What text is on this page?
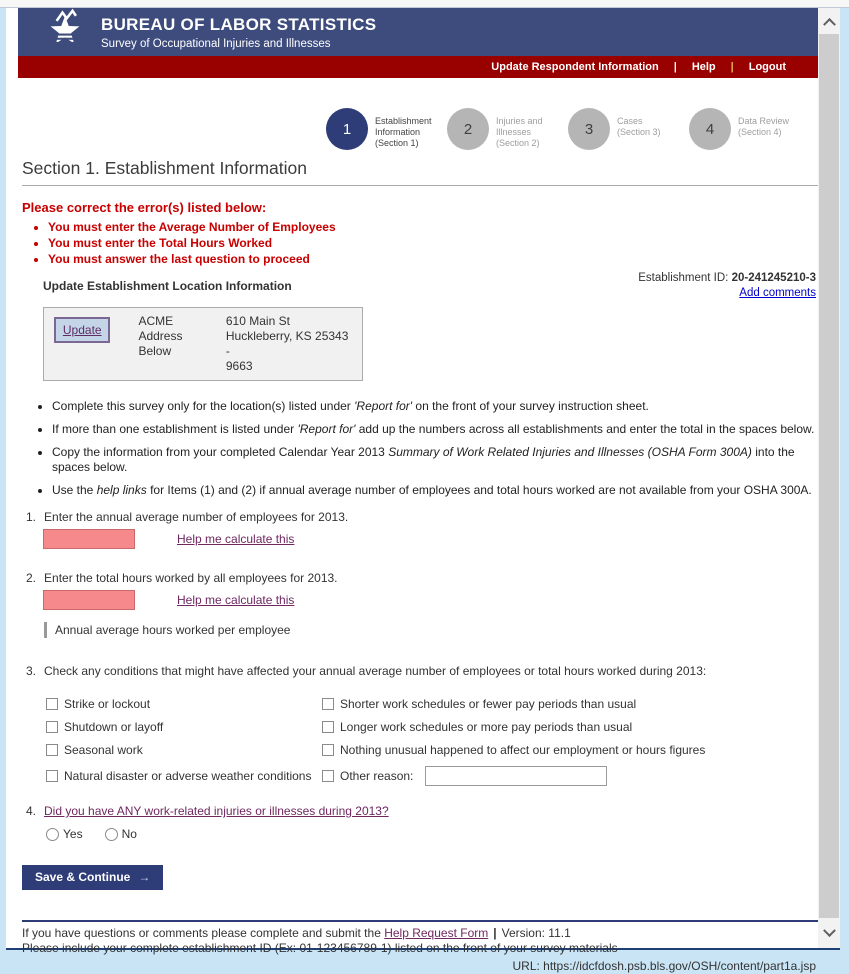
BUREAU OF LABOR STATISTICS
Survey of Occupational Injuries and Illnesses
Update Respondent Information | Help | Logout
1	Establishment Information (Section 1)
2	Injuries and Illnesses (Section 2)
3	Cases (Section 3)	4	Data Review (Section 4)
Section 1. Establishment Information
Please correct the error(s) listed below:
• You must enter the Average Number of Employees
• You must enter the Total Hours Worked
• You must answer the last question to proceed
Update Establishment Location Information
Establishment ID: 20-241245210-3
Add comments
Update
ACME
Address
Below
610 Main St
Huckleberry, KS 25343 -
9663
• Complete this survey only for the location(s) listed under 'Report for' on the front of your survey instruction sheet.
• If more than one establishment is listed under 'Report for' add up the numbers across all establishments and enter the total in the spaces below.
• Copy the information from your completed Calendar Year 2013 Summary of Work Related Injuries and Illnesses (OSHA Form 300A) into the spaces below.
• Use the help links for Items (1) and (2) if annual average number of employees and total hours worked are not available from your OSHA 300A.
1. Enter the annual average number of employees for 2013.
Help me calculate this
2. Enter the total hours worked by all employees for 2013.
Help me calculate this
Annual average hours worked per employee
3. Check any conditions that might have affected your annual average number of employees or total hours worked during 2013:
Strike or lockout	Shorter work schedules or fewer pay periods than usual
Shutdown or layoff	Longer work schedules or more pay periods than usual
Seasonal work	Nothing unusual happened to affect our employment or hours figures
Natural disaster or adverse weather conditions Other reason:
4. Did you have ANY work-related injuries or illnesses during 2013?
Yes	No
Save & Continue →
If you have questions or comments please complete and submit the Help Request Form | Version: 11.1
Please include your complete establishment ID (Ex: 01-123456789-1) listed on the front of your survey materials
URL: https://idcfdosh.psb.bls.gov/OSH/content/part1a.jsp
